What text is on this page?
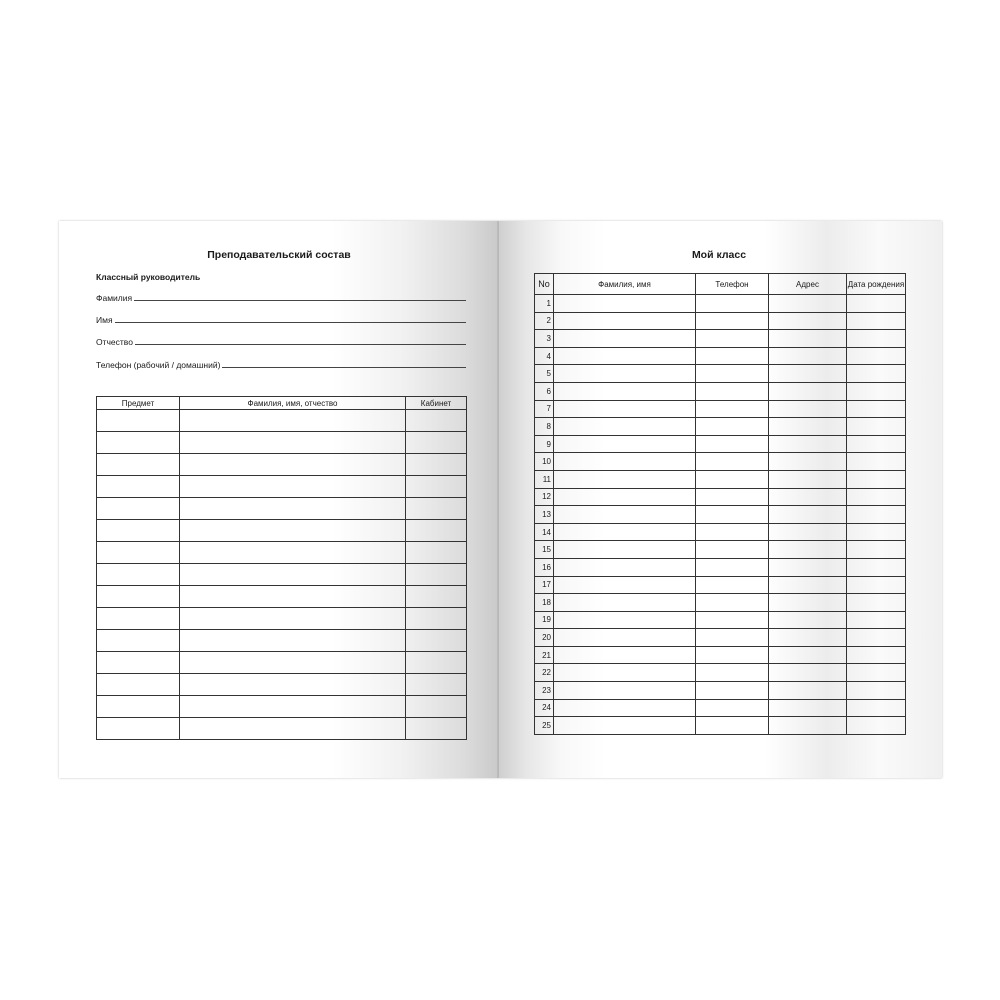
Преподавательский состав
Классный руководитель
Фамилия
Имя
Отчество
Телефон (рабочий / домашний)
Предмет	Фамилия, имя, отчество	Кабинет

Мой класс
No	Фамилия, имя	Телефон	Адрес	Дата рождения
1				
2				
3				
4				
5				
6				
7				
8				
9				
10				
11				
12				
13				
14				
15				
16				
17				
18				
19				
20				
21				
22				
23				
24				
25				
